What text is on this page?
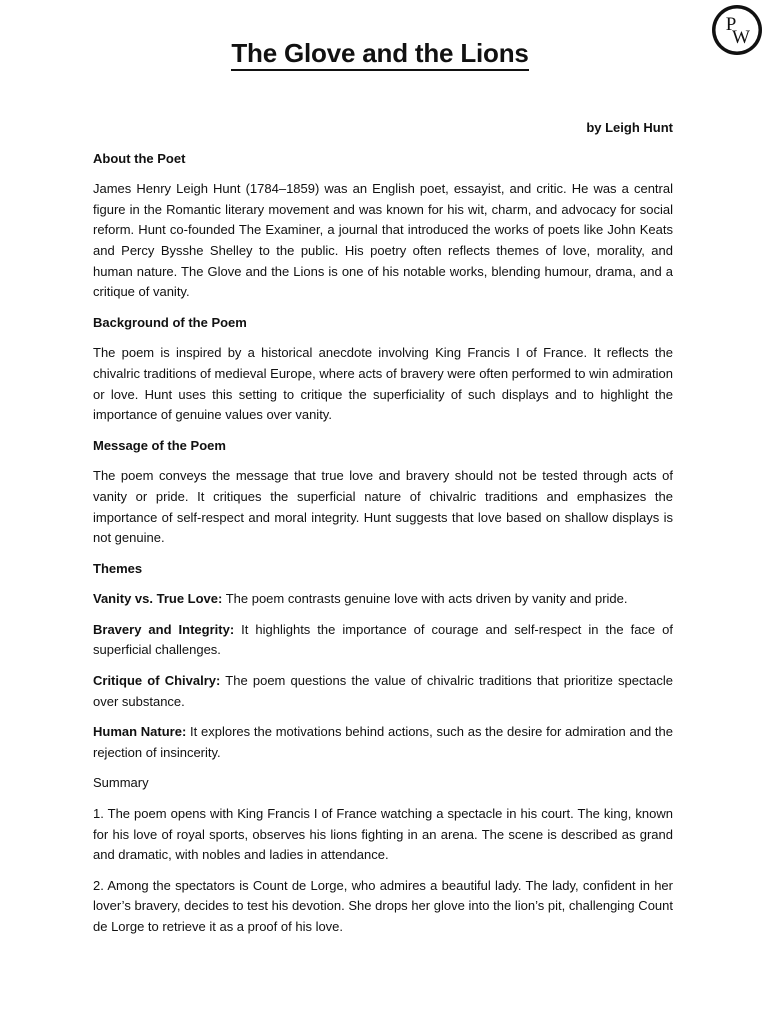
P
W
The Glove and the Lions
by Leigh Hunt
About the Poet

James Henry Leigh Hunt (1784–1859) was an English poet, essayist, and critic. He was a central figure in the Romantic literary movement and was known for his wit, charm, and advocacy for social reform. Hunt co-founded The Examiner, a journal that introduced the works of poets like John Keats and Percy Bysshe Shelley to the public. His poetry often reflects themes of love, morality, and human nature. The Glove and the Lions is one of his notable works, blending humour, drama, and a critique of vanity.

Background of the Poem

The poem is inspired by a historical anecdote involving King Francis I of France. It reflects the chivalric traditions of medieval Europe, where acts of bravery were often performed to win admiration or love. Hunt uses this setting to critique the superficiality of such displays and to highlight the importance of genuine values over vanity.

Message of the Poem

The poem conveys the message that true love and bravery should not be tested through acts of vanity or pride. It critiques the superficial nature of chivalric traditions and emphasizes the importance of self-respect and moral integrity. Hunt suggests that love based on shallow displays is not genuine.

Themes

Vanity vs. True Love: The poem contrasts genuine love with acts driven by vanity and pride.

Bravery and Integrity: It highlights the importance of courage and self-respect in the face of superficial challenges.

Critique of Chivalry: The poem questions the value of chivalric traditions that prioritize spectacle over substance.

Human Nature: It explores the motivations behind actions, such as the desire for admiration and the rejection of insincerity.

Summary

1. The poem opens with King Francis I of France watching a spectacle in his court. The king, known for his love of royal sports, observes his lions fighting in an arena. The scene is described as grand and dramatic, with nobles and ladies in attendance.

2. Among the spectators is Count de Lorge, who admires a beautiful lady. The lady, confident in her lover’s bravery, decides to test his devotion. She drops her glove into the lion’s pit, challenging Count de Lorge to retrieve it as a proof of his love.
